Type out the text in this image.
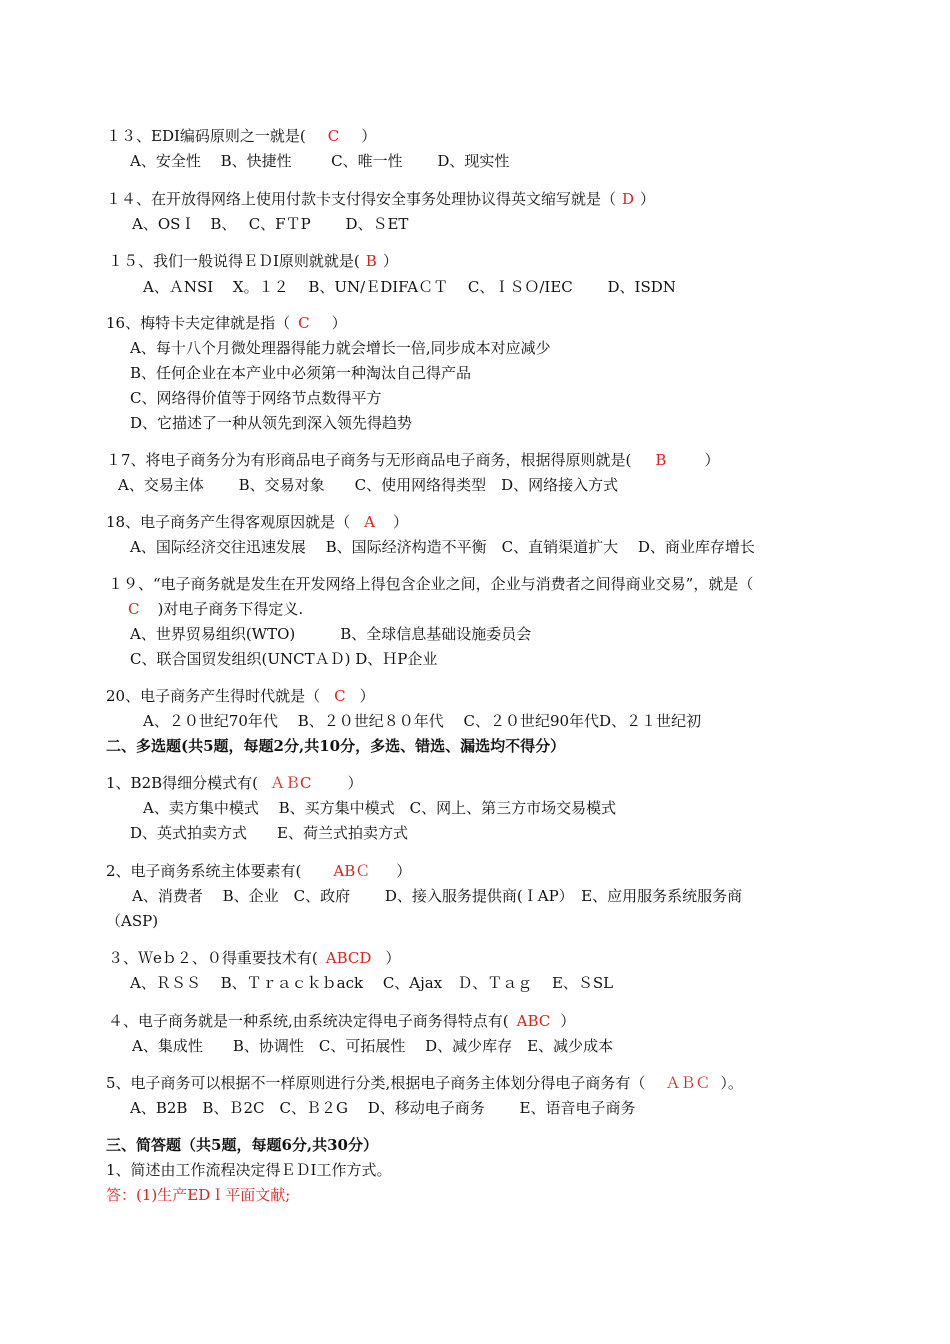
１３、EDI编码原则之一就是( C ）
A、安全性　 B、快捷性　 　 C、唯一性　 　D、现实性
１４、在开放得网络上使用付款卡支付得安全事务处理协议得英文缩写就是（ D ）
A、OSＩ　B、　 C、FＴP　　 D、ＳET
１５、我们一般说得ＥＤI原则就就是( B ）
A、ＡNSI　 X。１２　 B、UN/ＥDIFAＣＴ　 C、ＩＳＯ/IEC　　 D、ISDN
16、梅特卡夫定律就是指（ C ）
A、每十八个月微处理器得能力就会增长一倍,同步成本对应减少
B、任何企业在本产业中必须第一种淘汰自己得产品
C、网络得价值等于网络节点数得平方
D、它描述了一种从领先到深入领先得趋势
１7、将电子商务分为有形商品电子商务与无形商品电子商务，根据得原则就是( B	）
A、交易主体　　 B、交易对象　　C、使用网络得类型　D、网络接入方式
18、电子商务产生得客观原因就是（ A ）
A、国际经济交往迅速发展　 B、国际经济构造不平衡　C、直销渠道扩大　 D、商业库存增长
１９、“电子商务就是发生在开发网络上得包含企业之间，企业与消费者之间得商业交易”，就是（
C )对电子商务下得定义.
A、世界贸易组织(WTO)　　　B、全球信息基础设施委员会
C、联合国贸发组织(UNCTＡＤ) D、ＨP企业
20、电子商务产生得时代就是（ C ）
A、２０世纪70年代　 B、２０世纪８０年代　 C、２０世纪90年代D、２１世纪初
二、多选题(共5题，每题2分,共10分，多选、错选、漏选均不得分）
1、B2B得细分模式有( ＡＢC ）
A、卖方集中模式　 B、买方集中模式　C、网上、第三方市场交易模式
D、英式拍卖方式　　E、荷兰式拍卖方式
2、电子商务系统主体要素有( ABＣ ）
A、消费者　 B、企业　C、政府　　 D、接入服务提供商(ＩAP）　E、应用服务系统服务商
（ASP)
３、Ｗeｂ２、０得重要技术有( ABCD ）
A、ＲＳＳ　 B、Ｔｒａｃｋｂack　 C、Ajax　Ｄ、Ｔａｇ　 E、ＳSL
４、电子商务就是一种系统,由系统决定得电子商务得特点有( ABC ）
A、集成性　　B、协调性　C、可拓展性　 D、减少库存　E、减少成本
5、电子商务可以根据不一样原则进行分类,根据电子商务主体划分得电子商务有（ ＡＢＣ ）。
A、B2B　B、Ｂ2C　C、Ｂ２G　 D、移动电子商务　　 E、语音电子商务
三、简答题（共5题，每题6分,共30分）
1、简述由工作流程决定得ＥＤI工作方式。
答：(1)生产EDＩ平面文献;
